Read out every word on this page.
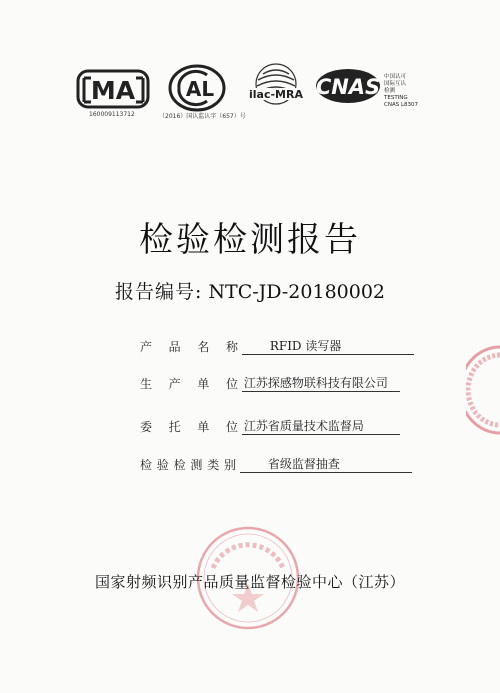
MA
160009113712
AL
（2016）国认监认字（657）号
ilac-MRA CNAS 中国认可
国际互认
检测
TESTING
CNAS L8307
检验检测报告
报告编号: NTC-JD-20180002
产 品 名 称	RFID 读写器
生 产 单 位 江苏探感物联科技有限公司
委 托 单 位 江苏省质量技术监督局
检验检测类别	省级监督抽查
国家射频识别产品质量监督检验中心（江苏）
